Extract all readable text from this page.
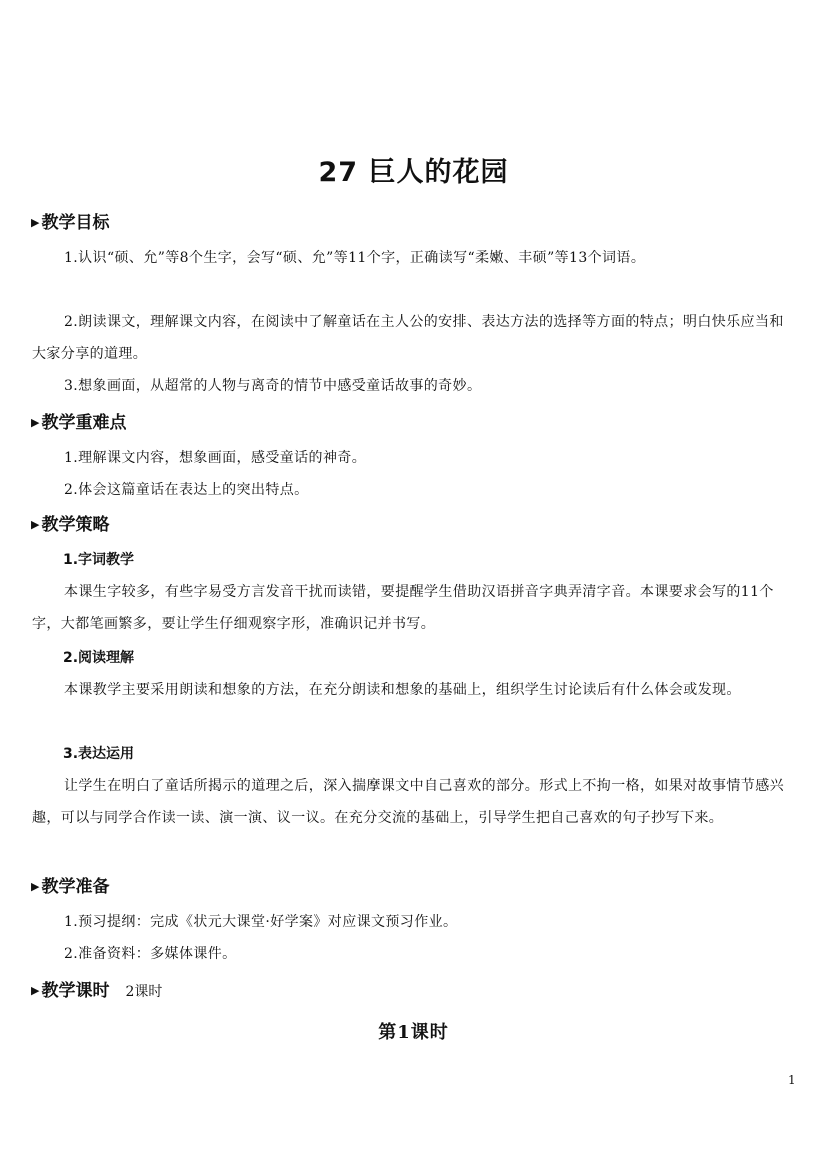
27 巨人的花园
▶ 教学目标
1.认识“硕、允”等8个生字，会写“硕、允”等11个字，正确读写“柔嫩、丰硕”等13个词语。
2.朗读课文，理解课文内容，在阅读中了解童话在主人公的安排、表达方法的选择等方面的特点；明白快乐应当和大家分享的道理。
3.想象画面，从超常的人物与离奇的情节中感受童话故事的奇妙。
▶ 教学重难点
1.理解课文内容，想象画面，感受童话的神奇。
2.体会这篇童话在表达上的突出特点。
▶ 教学策略
1.字词教学
本课生字较多，有些字易受方言发音干扰而读错，要提醒学生借助汉语拼音字典弄清字音。本课要求会写的11个字，大都笔画繁多，要让学生仔细观察字形，准确识记并书写。
2.阅读理解
本课教学主要采用朗读和想象的方法，在充分朗读和想象的基础上，组织学生讨论读后有什么体会或发现。
3.表达运用
让学生在明白了童话所揭示的道理之后，深入揣摩课文中自己喜欢的部分。形式上不拘一格，如果对故事情节感兴趣，可以与同学合作读一读、演一演、议一议。在充分交流的基础上，引导学生把自己喜欢的句子抄写下来。
▶ 教学准备
1.预习提纲：完成《状元大课堂·好学案》对应课文预习作业。
2.准备资料：多媒体课件。
▶ 教学课时 2课时
第1课时
1
